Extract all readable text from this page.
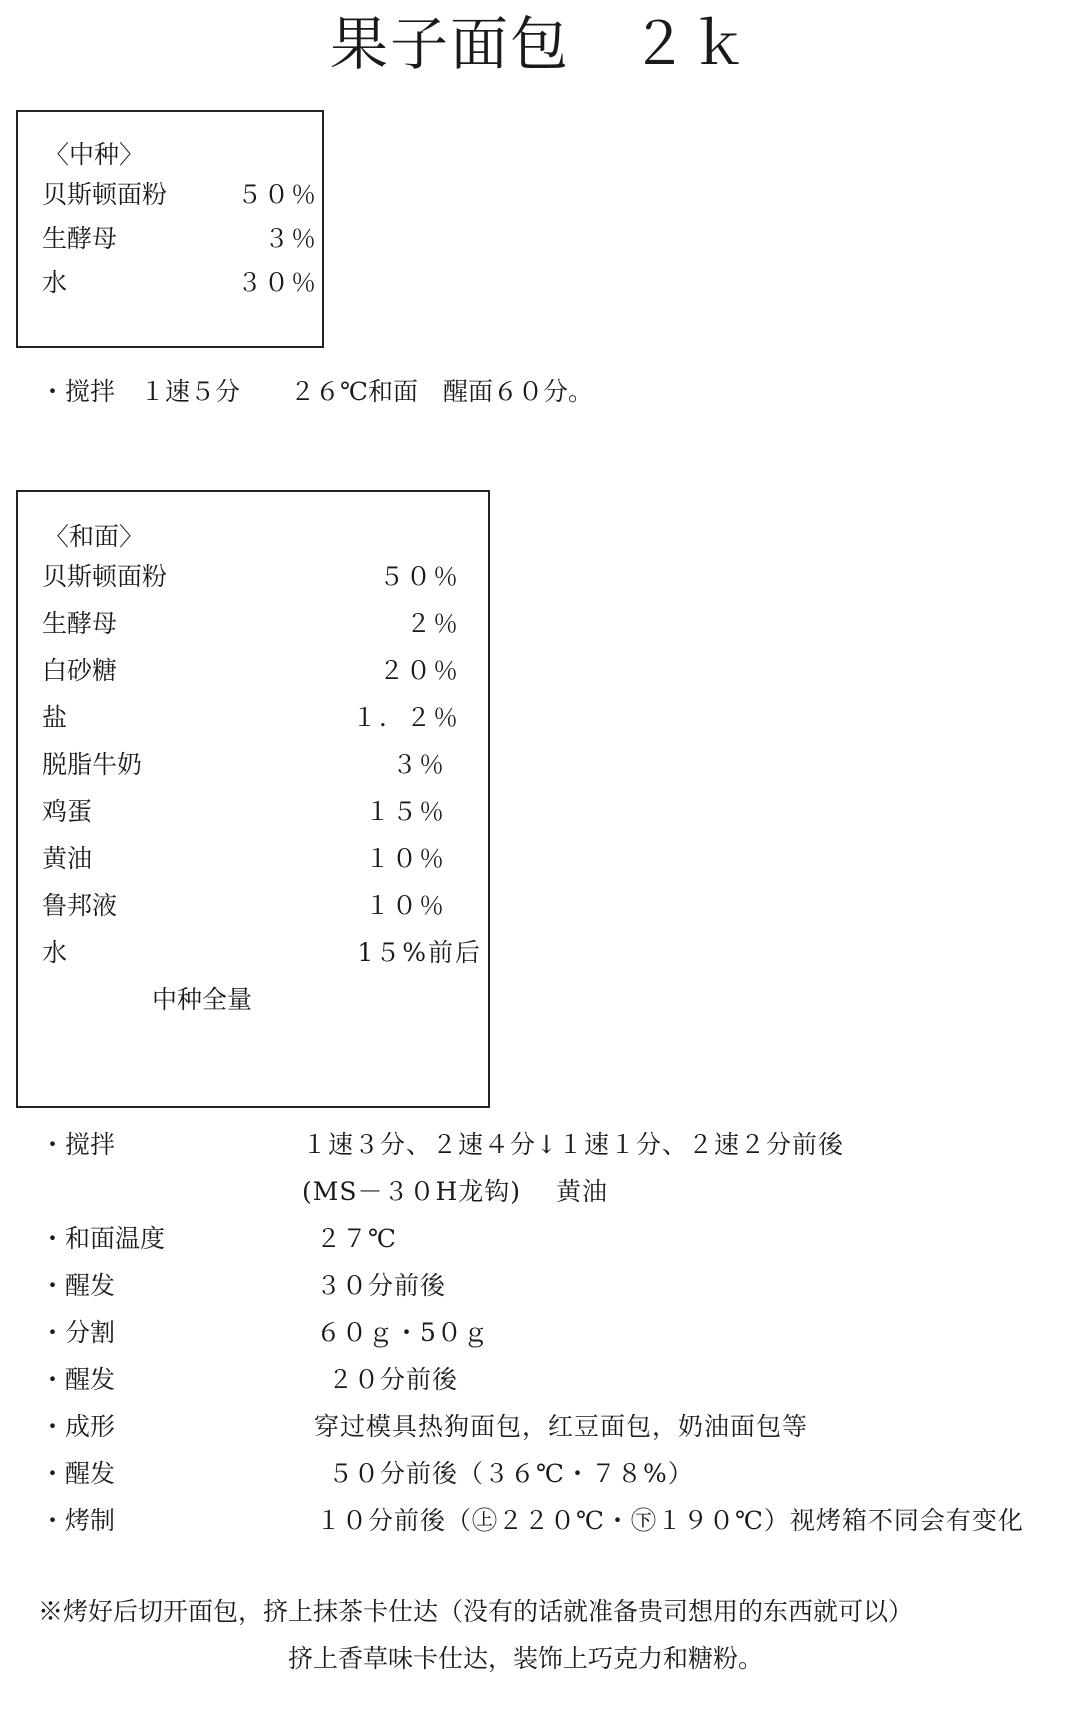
果子面包　２ｋ
〈中种〉
贝斯顿面粉	５０％
生酵母	３％
水	３０％
・搅拌　１速５分　　２６℃和面　醒面６０分。
〈和面〉
贝斯顿面粉	５０％
生酵母	２％
白砂糖	２０％
盐	１．２％
脱脂牛奶	３％
鸡蛋	１５％
黄油	１０％
鲁邦液	１０％
水	1５%前后
中种全量
・搅拌	１速３分、２速４分↓１速１分、２速２分前後
(MS－３０H龙钩)　 黄油
・和面温度	２７℃
・醒发	３０分前後
・分割	６０ｇ・5０ｇ
・醒发	２０分前後
・成形	穿过模具热狗面包，红豆面包，奶油面包等
・醒发	５０分前後（３６℃・７８%）
・烤制	１０分前後（㊤２２０℃・㊦１９０℃）视烤箱不同会有变化
※烤好后切开面包，挤上抹茶卡仕达（没有的话就准备贵司想用的东西就可以）
挤上香草味卡仕达，装饰上巧克力和糖粉。
